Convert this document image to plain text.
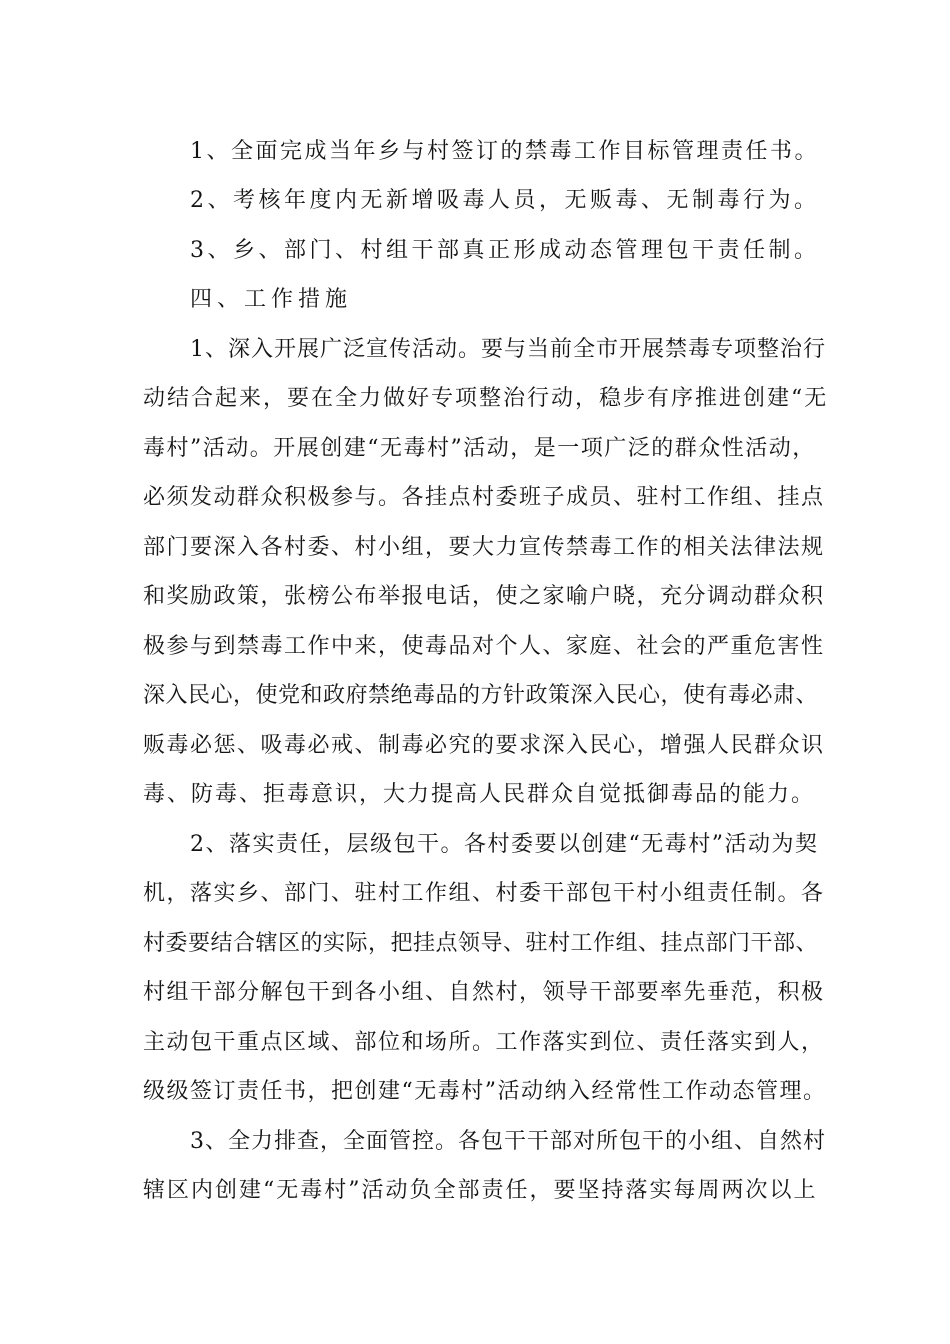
1、全面完成当年乡与村签订的禁毒工作目标管理责任书。
2、考核年度内无新增吸毒人员，无贩毒、无制毒行为。
3、乡、部门、村组干部真正形成动态管理包干责任制。
四、工作措施
1、深入开展广泛宣传活动。要与当前全市开展禁毒专项整治行
动结合起来，要在全力做好专项整治行动，稳步有序推进创建“无
毒村”活动。开展创建“无毒村”活动，是一项广泛的群众性活动，
必须发动群众积极参与。各挂点村委班子成员、驻村工作组、挂点
部门要深入各村委、村小组，要大力宣传禁毒工作的相关法律法规
和奖励政策，张榜公布举报电话，使之家喻户晓，充分调动群众积
极参与到禁毒工作中来，使毒品对个人、家庭、社会的严重危害性
深入民心，使党和政府禁绝毒品的方针政策深入民心，使有毒必肃、
贩毒必惩、吸毒必戒、制毒必究的要求深入民心，增强人民群众识
毒、防毒、拒毒意识，大力提高人民群众自觉抵御毒品的能力。
2、落实责任，层级包干。各村委要以创建“无毒村”活动为契
机，落实乡、部门、驻村工作组、村委干部包干村小组责任制。各
村委要结合辖区的实际，把挂点领导、驻村工作组、挂点部门干部、
村组干部分解包干到各小组、自然村，领导干部要率先垂范，积极
主动包干重点区域、部位和场所。工作落实到位、责任落实到人，
级级签订责任书，把创建“无毒村”活动纳入经常性工作动态管理。
3、全力排查，全面管控。各包干干部对所包干的小组、自然村
辖区内创建“无毒村”活动负全部责任，要坚持落实每周两次以上
